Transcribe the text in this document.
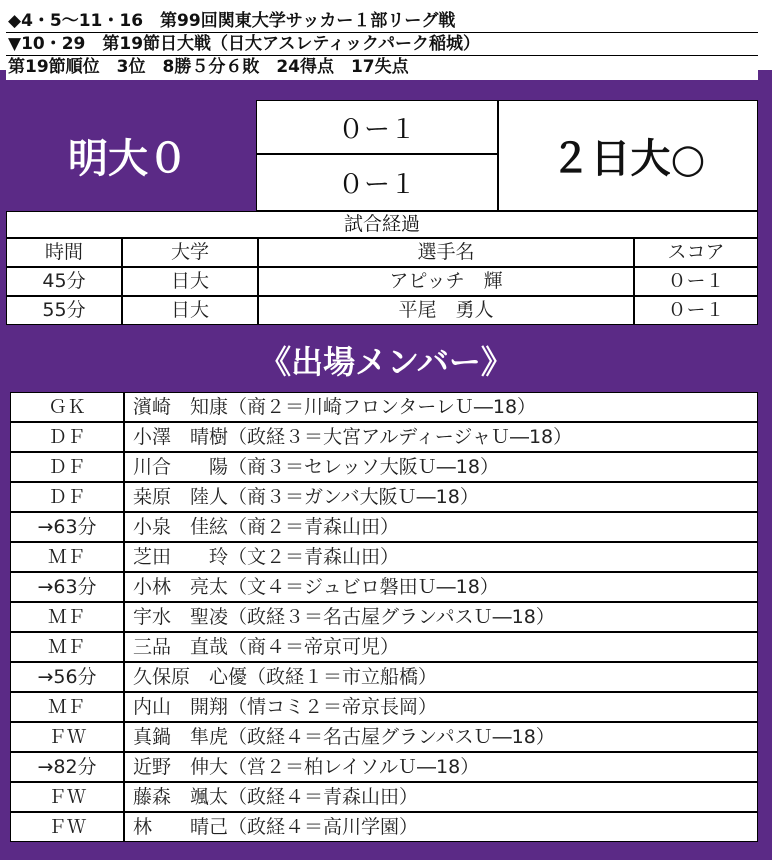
◆4・5〜11・16　第99回関東大学サッカー１部リーグ戦
▼10・29　第19節日大戦（日大アスレティックパーク稲城）
第19節順位　3位　8勝５分６敗　24得点　17失点
明大０
０ー１
０ー１
２日大○
試合経過
時間	大学	選手名	スコア
45分	日大	アピッチ　輝	０ー１
55分	日大	平尾　勇人	０ー１
《出場メンバー》
ＧＫ	濱崎　知康（商２＝川崎フロンターレＵ―18）
ＤＦ	小澤　晴樹（政経３＝大宮アルディージャＵ―18）
ＤＦ	川合　　陽（商３＝セレッソ大阪Ｕ―18）
ＤＦ	桒原　陸人（商３＝ガンバ大阪Ｕ―18）
→63分	小泉　佳絃（商２＝青森山田）
ＭＦ	芝田　　玲（文２＝青森山田）
→63分	小林　亮太（文４＝ジュビロ磐田Ｕ―18）
ＭＦ	宇水　聖凌（政経３＝名古屋グランパスＵ―18）
ＭＦ	三品　直哉（商４＝帝京可児）
→56分	久保原　心優（政経１＝市立船橋）
ＭＦ	内山　開翔（情コミ２＝帝京長岡）
ＦＷ	真鍋　隼虎（政経４＝名古屋グランパスＵ―18）
→82分	近野　伸大（営２＝柏レイソルＵ―18）
ＦＷ	藤森　颯太（政経４＝青森山田）
ＦＷ	林　　晴己（政経４＝高川学園）
